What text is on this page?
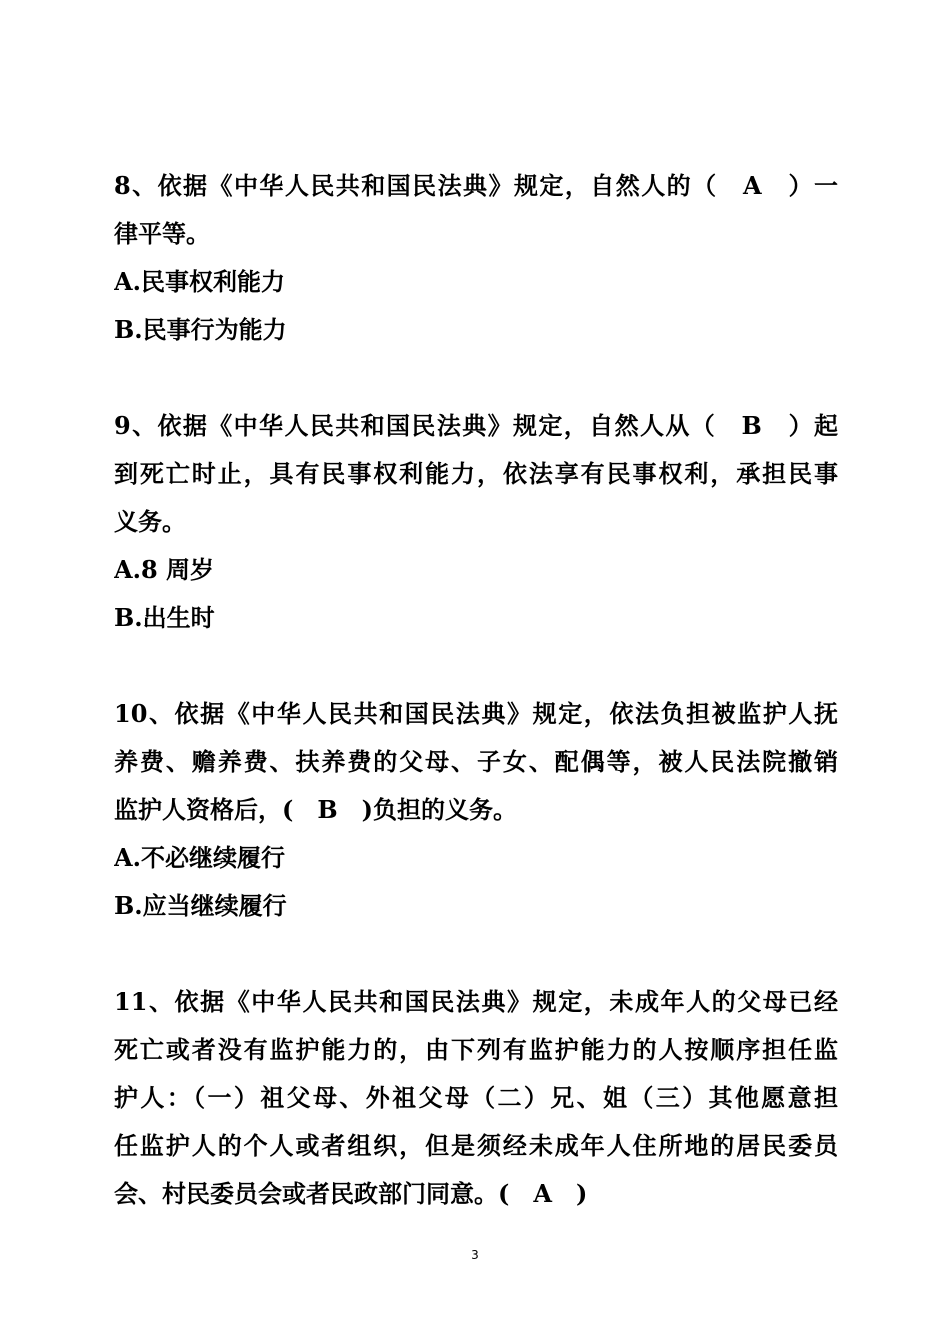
8、依据《中华人民共和国民法典》规定，自然人的（　A　）一
律平等。
A.民事权利能力
B.民事行为能力
9、依据《中华人民共和国民法典》规定，自然人从（　B　）起
到死亡时止，具有民事权利能力，依法享有民事权利，承担民事
义务。
A.8 周岁
B.出生时
10、依据《中华人民共和国民法典》规定，依法负担被监护人抚
养费、赡养费、扶养费的父母、子女、配偶等，被人民法院撤销
监护人资格后，(　B　)负担的义务。
A.不必继续履行
B.应当继续履行
11、依据《中华人民共和国民法典》规定，未成年人的父母已经
死亡或者没有监护能力的，由下列有监护能力的人按顺序担任监
护人：（一）祖父母、外祖父母（二）兄、姐（三）其他愿意担
任监护人的个人或者组织，但是须经未成年人住所地的居民委员
会、村民委员会或者民政部门同意。(　A　)
3
